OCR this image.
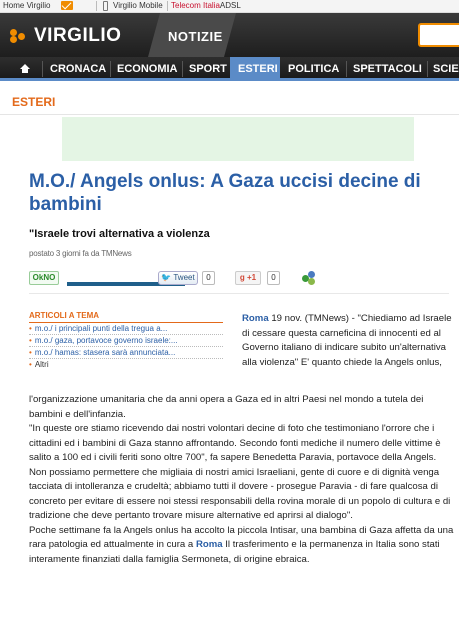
Home Virgilio	Virgilio Mobile Telecom ItaliaADSL
VIRGILIO	NOTIZIE
CRONACA ECONOMIA SPORT ESTERI POLITICA SPETTACOLI SCIE
ESTERI
M.O./ Angels onlus: A Gaza uccisi decine di bambini
"Israele trovi alternativa a violenza
postato 3 giorni fa da TMNews
OkNO	🐦 Tweet	0	g +1	0
ARTICOLI A TEMA
• m.o./ i principali punti della tregua a...
• m.o./ gaza, portavoce governo israele:...
• m.o./ hamas: stasera sarà annunciata...
• Altri
Roma 19 nov. (TMNews) - "Chiediamo ad Israele di cessare questa carneficina di innocenti ed al Governo italiano di indicare subito un'alternativa alla violenza" E' quanto chiede la Angels onlus,
l'organizzazione umanitaria che da anni opera a Gaza ed in altri Paesi nel mondo a tutela dei bambini e dell'infanzia.
"In queste ore stiamo ricevendo dai nostri volontari decine di foto che testimoniano l'orrore che i cittadini ed i bambini di Gaza stanno affrontando. Secondo fonti mediche il numero delle vittime è salito a 100 ed i civili feriti sono oltre 700", fa sapere Benedetta Paravia, portavoce della Angels.
Non possiamo permettere che migliaia di nostri amici Israeliani, gente di cuore e di dignità venga tacciata di intolleranza e crudeltà; abbiamo tutti il dovere - prosegue Paravia - di fare qualcosa di concreto per evitare di essere noi stessi responsabili della rovina morale di un popolo di cultura e di tradizione che deve pertanto trovare misure alternative ed aprirsi al dialogo".
Poche settimane fa la Angels onlus ha accolto la piccola Intisar, una bambina di Gaza affetta da una rara patologia ed attualmente in cura a Roma Il trasferimento e la permanenza in Italia sono stati interamente finanziati dalla famiglia Sermoneta, di origine ebraica.
